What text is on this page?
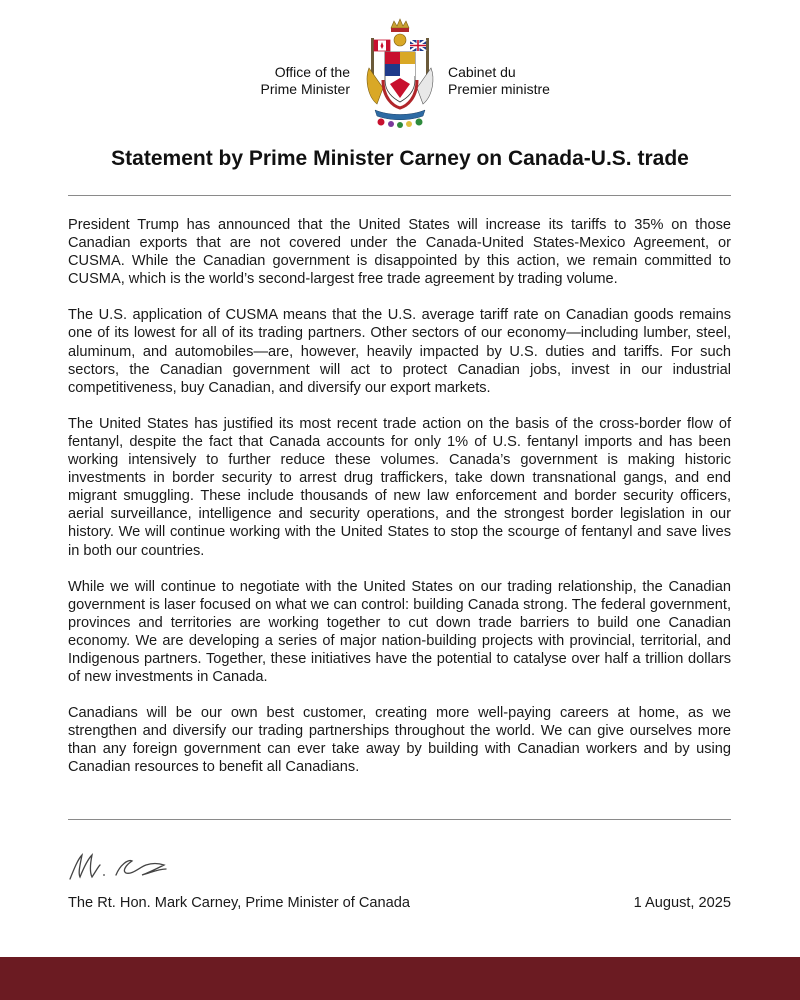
Office of the
Prime Minister
Cabinet du
Premier ministre
Statement by Prime Minister Carney on Canada-U.S. trade

President Trump has announced that the United States will increase its tariffs to 35% on those Canadian exports that are not covered under the Canada-United States-Mexico Agreement, or CUSMA. While the Canadian government is disappointed by this action, we remain committed to CUSMA, which is the world’s second-largest free trade agreement by trading volume.

The U.S. application of CUSMA means that the U.S. average tariff rate on Canadian goods remains one of its lowest for all of its trading partners. Other sectors of our economy—including lumber, steel, aluminum, and automobiles—are, however, heavily impacted by U.S. duties and tariffs. For such sectors, the Canadian government will act to protect Canadian jobs, invest in our industrial competitiveness, buy Canadian, and diversify our export markets.

The United States has justified its most recent trade action on the basis of the cross-border flow of fentanyl, despite the fact that Canada accounts for only 1% of U.S. fentanyl imports and has been working intensively to further reduce these volumes. Canada’s government is making historic investments in border security to arrest drug traffickers, take down transnational gangs, and end migrant smuggling. These include thousands of new law enforcement and border security officers, aerial surveillance, intelligence and security operations, and the strongest border legislation in our history. We will continue working with the United States to stop the scourge of fentanyl and save lives in both our countries.

While we will continue to negotiate with the United States on our trading relationship, the Canadian government is laser focused on what we can control: building Canada strong. The federal government, provinces and territories are working together to cut down trade barriers to build one Canadian economy. We are developing a series of major nation-building projects with provincial, territorial, and Indigenous partners. Together, these initiatives have the potential to catalyse over half a trillion dollars of new investments in Canada.

Canadians will be our own best customer, creating more well-paying careers at home, as we strengthen and diversify our trading partnerships throughout the world. We can give ourselves more than any foreign government can ever take away by building with Canadian workers and by using Canadian resources to benefit all Canadians.

The Rt. Hon. Mark Carney, Prime Minister of Canada	1 August, 2025
